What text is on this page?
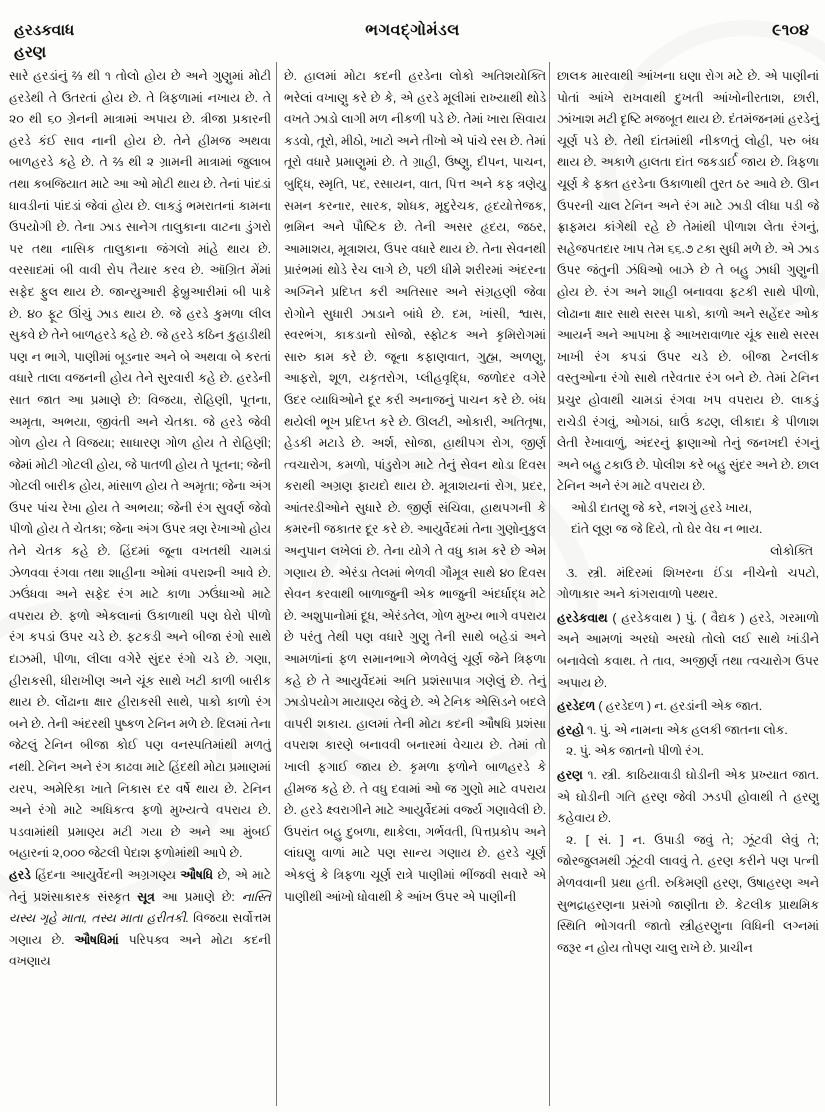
હરડકવાધ
હરણ
ભગવદ્ગોમંડલ	૯૧૦૪

સારે હરડાંનું ⅔ થી ૧ તોલો હોય છે અને ગુણુમાં મોટી હરડેથી તે ઉતરતાં હોય છે. તે ત્રિફળામાં નખાય છે. તે ૨૦ થી ૬૦ ગ્રેનની માત્રામાં અપાય છે. ત્રીજા પ્રકારની હરડે કંઈ સાવ નાની હોય છે. તેને હીમજ અથવા બાળહરડે કહે છે. તે ⅔ થી ૨ ગ્રામની માત્રામાં જુલાબ તથા કબજિયાત માટે આ ઓ મોટી થાય છે. તેનાં પાંદડાં ધાવડીનાં પાંદડાં જેવાં હોય છે. લાકડું ભમરાતનાં કામના ઉપયોગી છે. તેના ઝાડ સાનેગ તાલુકાના વાટના ડુંગરો પર તથા નાસિક તાલુકાના જંગલો માંહે થાય છે. વરસાદમાં બી વાવી રોપ તૈયાર કરવ છે. ઑગ્રિત મેંમાં સફેદ ફુલ થાય છે. જાન્યુઆરી ફેબ્રુઆરીમાં બી પાકે છે. ૪૦ ફૂટ ઊંચું ઝાડ થાય છે. જે હરડે કુમળા લીલ સુકવે છે તેને બાળહરડે કહે છે. જે હરડે કઠિન કુહાડીથી પણ ન ભાગે, પાણીમાં બૂડનાર અને બે અથવા બે કરતાં વધારે તાલા વજનની હોય તેને સુરવારી કહે છે. હરડેની સાત જાત આ પ્રમાણે છે: વિજયા, રોહિણી, પૂતના, અમૃતા, અભયા, જીવંતી અને ચેતકા. જે હરડે જેવી ગોળ હોય તે વિજયા; સાધારણ ગોળ હોય તે રોહિણી; જેમાં મોટી ગોટલી હોય, જે પાતળી હોય તે પૂતના; જેની ગોટલી બારીક હોય, માંસાળ હોય તે અમૃતા; જેના અંગ ઉપર પાંચ રેખા હોય તે અભયા; જેની રંગ સુવર્ણ જેવો પીળો હોય તે ચેતકા; જેના અંગ ઉપર ત્રણ રેખાઓ હોય તેને ચેતક કહે છે. હિંદમાં જૂના વખતથી ચામડાં ઝેળવવા રંગવા તથા શાહીના ઓમાં વપરાશ્ની આવે છે. ઝઉંધવા અને સફેદ રંગ માટે કાળા ઝઉંધાઓ માટે વપરાય છે. ફળો એકલાનાં ઉકાળાથી પણ ઘેરો પીળો રંગ કપડાં ઉપર ચડે છે. ફટકડી અને બીજા રંગો સાથે દાઝમી, પીળા, લીલા વગેરે સુંદર રંગો ચડે છે. ગણા, હીરાકસી, ધીરાખીણ અને ચૂંક સાથે ખટી કાળી બારીક થાય છે. લોંઢાના ક્ષાર હીરાકસી સાથે, પાકો કાળો રંગ બને છે. તેની અંદરથી પુષ્કળ ટેનિન મળે છે. દિલમાં તેના જેટલું ટેનિન બીજા કોઈ પણ વનસ્પતિમાંથી મળતું નથી. ટેનિન અને રંગ કાઢવા માટે હિંદથી મોટા પ્રમાણમાં યરપ, અમેરિકા ખાતે નિકાસ દર વર્ષે થાય છે. ટેનિન અને રંગો માટે અધિકત્વ ફળો મુખ્યત્વે વપરાય છે. પડવામાંથી પ્રમાણ્ય મટી ગયા છે અને આ મુંબઈ બહારનાં ૨,૦૦૦ જેટલી પેદાશ ફળોમાંથી આપે છે.

હરડે હિંદના આયુર્વેદની અગ્રગણ્ય ઔષધિ છે, એ માટે તેનું પ્રશંસાકારક સંસ્કૃત સૂત્ર આ પ્રમાણે છે: નાસ્તિ યસ્ય ગૃહે માતા, તસ્ય માતા હરીતકી. વિજયા સર્વોત્તમ ગણાય છે. ઔષધિમાં પરિપક્વ અને મોટા કદની વખણાય

છે. હાલમાં મોટા કદની હરડેના લોકો અતિશયોક્તિ ભરેલાં વખાણુ કરે છે કે, એ હરડે મૂલીમાં રાખ્યાથી થોડે વખતે ઝાડો લાગી મળ નીકળી પડે છે. તેમાં ખારા સિવાય કડવો, તૂરો, મીઠો, ખાટો અને તીખો એ પાંચે રસ છે. તેમાં તૂરો વધારે પ્રમાણુમાં છે. તે ગ્રાહી, ઉષ્ણુ, દીપન, પાચન, બુદ્ધિ, સ્મૃતિ, પદ, રસાયન, વાત, પિત્ત અને કફ ત્રણેયુ સમન કરનાર, સારક, શોધક, મૃદુરેચક, હૃદયોત્તેજક, ભ્રમિન અને પૌષ્ટિક છે. તેની અસર હૃદય, જઠર, આમાશય, મૂત્રાશય, ઉપર વધારે થાય છે. તેના સેવનથી પ્રારંભમાં થોડે રેચ લાગે છે, પછી ધીમે શરીરમાં અંદરના અગ્નિને પ્રદિપ્ત કરી અતિસાર અને સંગ્રહણી જેવા રોગોને સુધારી ઝાડાને બાંધે છે. દમ, ખાંસી, શ્વાસ, સ્વરભંગ, કાકડાનો સોજો, સ્ફોટક અને કૃમિરોગમાં સારુ કામ કરે છે. જૂના કફાણવાત, ગુહ્મ, અળણુ, આફરો, શૂળ, યકૃતરોગ, પ્લીહવૃદ્ધિ, જળોદર વગેરે ઉદર વ્યાધિઓને દૂર કરી અનાજનું પાચન કરે છે. બંધ થયેલી ભૂખ પ્રદિપ્ત કરે છે. ઊલટી, ઓકારી, અતિતૃષા, હેડકી મટાડે છે. અર્શ, સોજા, હાથીપગ રોગ, જીર્ણ ત્વચારોગ, કમળો, પાંડુરોગ માટે તેનું સેવન થોડા દિવસ કરાથી અગ્રણ ફાયદો થાય છે. મૂત્રાશયનાં રોગ, પ્રદર, આંતરડીઓને સુધારે છે. જીર્ણ સંચિવા, હાથપગની કે કમરની જકાતર દૂર કરે છે. આયુર્વેદમાં તેના ગુણોનુકુલ અનુપાન લખેલાં છે. તેના યોગે તે વધુ કામ કરે છે એમ ગણાય છે. એરંડા તેલમાં ભેળવી ગૌમૂત્ર સાથે ૪૦ દિવસ સેવન કરવાથી બાળાજુની એક ભાજુની અંદર્ધાદ્ધ મટે છે. અશુપાનોમાં દૂધ, એરંડતેલ, ગોળ મુખ્ય ભાગે વપરાય છે પરંતુ તેથી પણ વધારે ગુણુ તેની સાથે બહેડાં અને આમળાંનાં ફળ સમાનભાગે ભેળવેલું ચૂર્ણ જેને ત્રિફળા કહે છે તે આયુર્વેદમાં અતિ પ્રશંસાપાત્ર ગણેલું છે. તેનું ઝાડોપયોગ માયાણ્ય જેવું છે. એ ટેનિક એસિડને બદલે વાપરી શકાય. હાલમાં તેની મોટા કદની ઔષધિ પ્રશંસા વપરાશ કારણે બનાવવી બનારમાં વેચાય છે. તેમાં તો ખાલી ફગાઈ જાય છે. કૃમળા ફળોને બાળહરડે કે હીમજ કહે છે. તે વધુ દવામાં ઓ જ ગુણો માટે વપરાય છે. હરડે ક્ષ્વરાગીને માટે આયુર્વેદમાં વર્જ્ય ગણાવેલી છે. ઉપરાંત બહુ દુબળા, થાકેલા, ગર્ભવતી, પિત્તપ્રકોપ અને લાંઘણુ વાળાં માટે પણ સાન્ય ગણાય છે. હરડે ચૂર્ણ એકલું કે ત્રિફળા ચૂર્ણ રાત્રે પાણીમાં ભીંજવી સવારે એ પાણીથી આંખો ધોવાથી કે આંખ ઉપર એ પાણીની

છાલક મારવાથી આંખના ઘણા રોગ મટે છે. એ પાણીનાં પોતાં આંખે રાખવાથી દુખતી આંખોનીરતાશ, છારી, ઝાંખાશ મટી દૃષ્ટિ મજબૂત થાય છે. દંતમંજનમાં હરડેનું ચૂર્ણ પડે છે. તેથી દાંતમાંથી નીકળતું લોહી, પરુ બંધ થાય છે. અકાળે હાલતા દાંત જકડાર્ઈ જાય છે. ત્રિફળા ચૂર્ણ કે ફક્ત હરડેના ઉકાળાથી તુરત ઠર આવે છે. ઊન ઉપરની ચાલ ટેનિન અને રંગ માટે ઝાડી લીધા પડી જે ફ્રાફમય કાંગેથી રહે છે તેમાંથી પીળાશ લેતા રંગનું, સહેજપતદાર ખાપ તેમ ૬૬.૭ ટકા સુધી મળે છે. એ ઝાડ ઉપર જંતુની ઝંધિઓ બાઝે છે તે બહુ ઝાધી ગુણુની હોય છે. રંગ અને શાહી બનાવવા ફટકી સાથે પીળો, લોઢાના ક્ષાર સાથે સરસ પાકો, કાળો અને સહેંદર ઓક આયર્ન અને આપખા ફે આખરાવાળાર ચૂંક સાથે સરસ ખાખી રંગ કપડાં ઉપર ચડે છે. બીજા ટેનલીક વસ્તુઓના રંગો સાથે તરેવતાર રંગ બને છે. તેમાં ટેનિન પ્રચુર હોવાથી ચામડાં રંગવા ખપ વપરાય છે. લાકડું રાચેડી રંગવું, ઓગઠાં, ઘાઉં કઢણ, લીકાદા કે પીળાશ લેતી રેખાવાળું, અંદરનું ફ્રાણાઓ તેનું જનખદી રંગનું અને બહુ ટકાઉ છે. પોલીશ કરે બહુ સુંદર અને છે. છાલ ટેનિન અને રંગ માટે વપરાય છે.

ઓડી દાતણુ જે કરે, નશગું હરડે ખાય,

દાંતે લૂણ જ જે દિયે, તો ઘેર વેઘ ન ભાય.

લોકોક્તિ

૩. સ્ત્રી. મંદિરમાં શિખરના ઈંડા નીચેનો ચપટો, ગોળાકાર અને કાંગરાવાળો પથ્થર.

હરડેકવાથ ( હરડેકવાથ ) પું. ( વૈદ્યક ) હરડે, ગરમાળો અને આમળાં અરધો અરધો તોલો લઈ સાથે ખાંડીને બનાવેલો કવાથ. તે તાવ, અજીર્ણ તથા ત્વચારોગ ઉપર અપાય છે.

હરડેદળ ( હરડેદળ ) ન. હરડાંની એક જાત.

હરહો ૧. પું. એ નામના એક હલકી જાતના લોક.

૨. પું. એક જાતનો પીળો રંગ.

હરણ ૧. સ્ત્રી. કાઠિયાવાડી ઘોડીની એક પ્રખ્યાત જાત. એ ઘોડીની ગતિ હરણ જેવી ઝડપી હોવાથી તે હરણુ કહેવાય છે.

૨. [ સં. ] ન. ઉપાડી જવું તે; ઝૂંટવી લેવું તે; જોરજુલમથી ઝૂંટવી લાવવું તે. હરણ કરીને પણ પત્ની મેળવવાની પ્રથા હતી. રુકિમણી હરણ, ઉષાહરણ અને સુભદ્રાહરણના પ્રસંગો જાણીતા છે. કેટલીક પ્રાથમિક સ્થિતિ ભોગવતી જાતો સ્ત્રીહરણુના વિધિની લગ્નમાં જરૂર ન હોય તોપણ ચાલુ રાખે છે. પ્રાચીન
